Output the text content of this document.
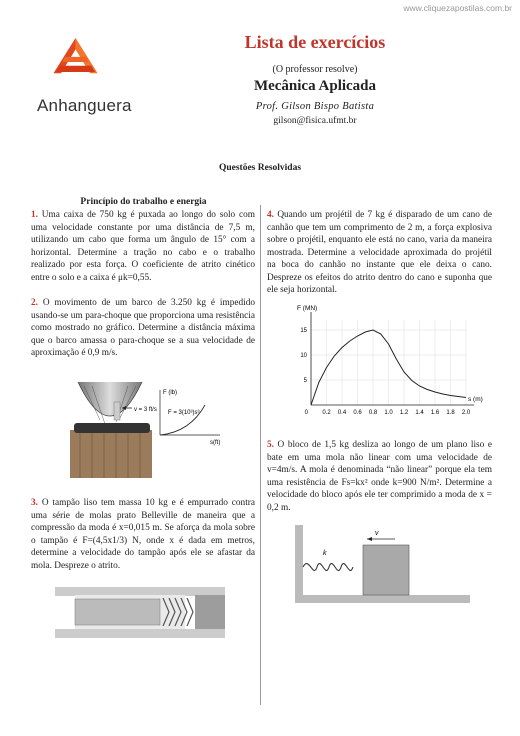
www.cliquezapostilas.com.br
Anhanguera
Lista de exercícios
(O professor resolve)
Mecânica Aplicada
Prof. Gilson Bispo Batista
gilson@fisica.ufmt.br
Questões Resolvidas
Princípio do trabalho e energia

1. Uma caixa de 750 kg é puxada ao longo do solo com uma velocidade constante por uma distância de 7,5 m, utilizando um cabo que forma um ângulo de 15° com a horizontal. Determine a tração no cabo e o trabalho realizado por esta força. O coeficiente de atrito cinético entre o solo e a caixa é μk=0,55.

2. O movimento de um barco de 3.250 kg é impedido usando-se um para-choque que proporciona uma resistência como mostrado no gráfico. Determine a distância máxima que o barco amassa o para-choque se a sua velocidade de aproximação é 0,9 m/s.

v = 3 ft/s
F (lb)
F = 3(10³)s³
s(ft)

3. O tampão liso tem massa 10 kg e é empurrado contra uma série de molas prato Belleville de maneira que a compressão da moda é x=0,015 m. Se aforça da mola sobre o tampão é F=(4,5x1/3) N, onde x é dada em metros, determine a velocidade do tampão após ele se afastar da mola. Despreze o atrito.

4. Quando um projétil de 7 kg é disparado de um cano de canhão que tem um comprimento de 2 m, a força explosiva sobre o projétil, enquanto ele está no cano, varia da maneira mostrada. Determine a velocidade aproximada do projétil na boca do canhão no instante que ele deixa o cano. Despreze os efeitos do atrito dentro do cano e suponha que ele seja horizontal.

0.2 0.4 0.6 0.8 1.0 1.2 1.4 1.6 1.8 2.0
0
5
10
15
F (MN)
s (m)

5. O bloco de 1,5 kg desliza ao longo de um plano liso e bate em uma mola não linear com uma velocidade de v=4m/s. A mola é denominada “não linear” porque ela tem uma resistência de Fs=kx² onde k=900 N/m². Determine a velocidade do bloco após ele ter comprimido a moda de x = 0,2 m.

k
v
